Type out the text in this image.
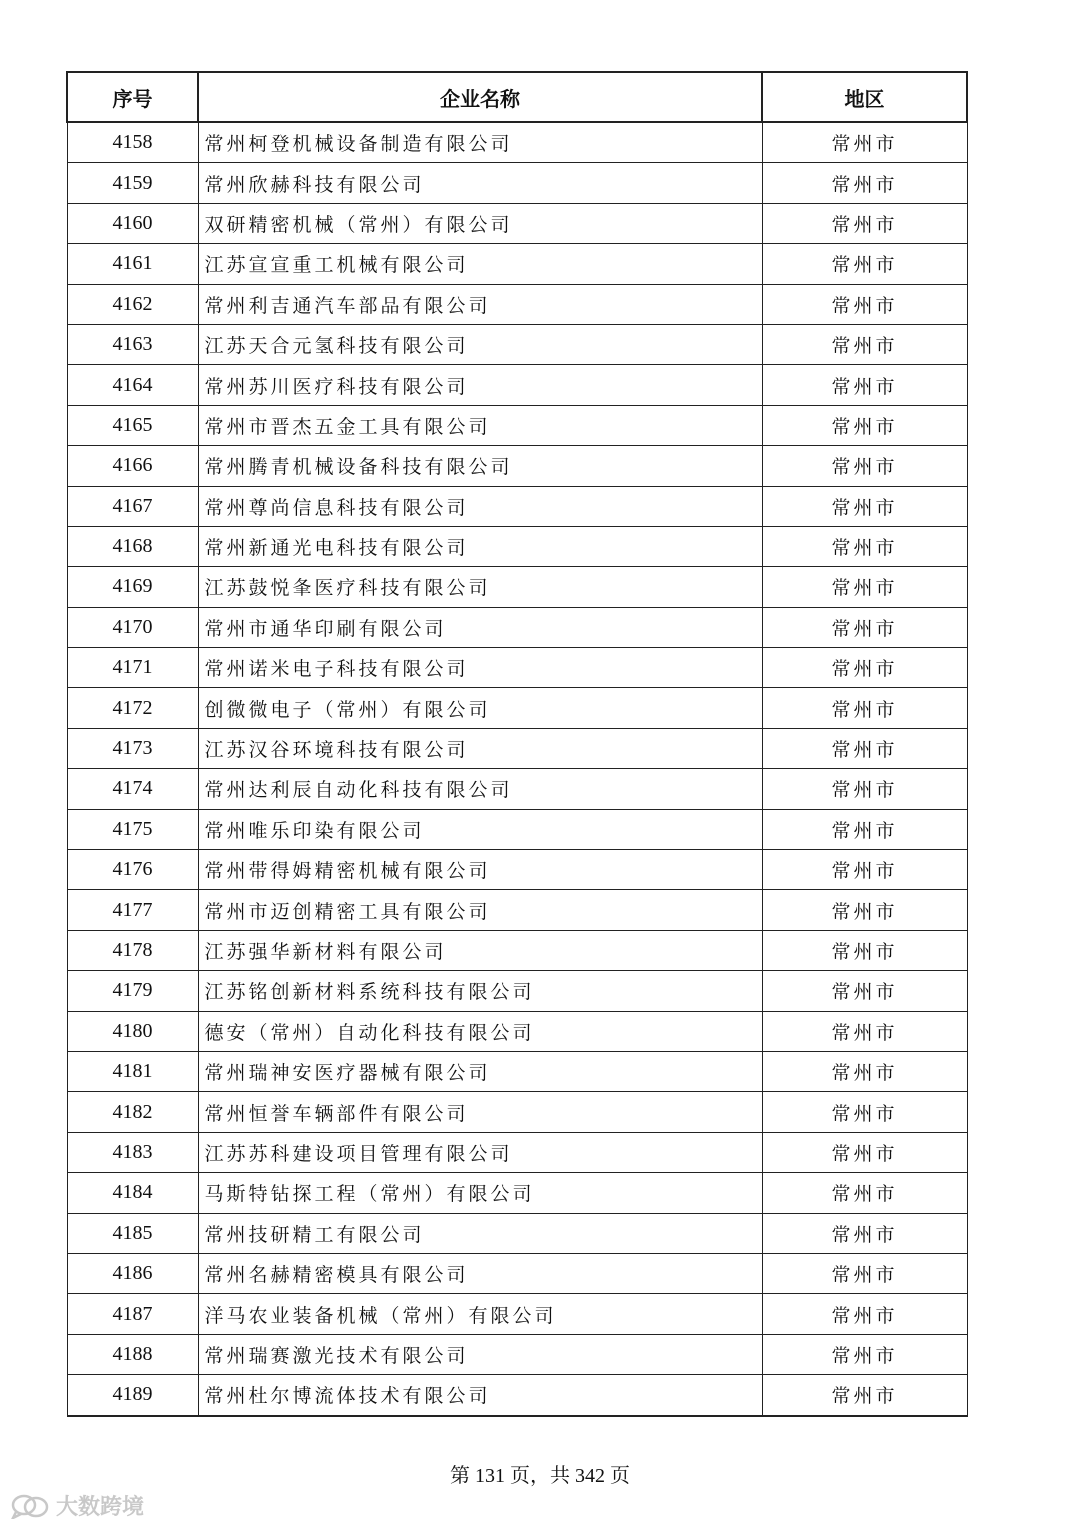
序号	企业名称	地区
4158	常州柯登机械设备制造有限公司	常州市
4159	常州欣赫科技有限公司	常州市
4160	双研精密机械（常州）有限公司	常州市
4161	江苏宣宣重工机械有限公司	常州市
4162	常州利吉通汽车部品有限公司	常州市
4163	江苏天合元氢科技有限公司	常州市
4164	常州苏川医疗科技有限公司	常州市
4165	常州市晋杰五金工具有限公司	常州市
4166	常州腾青机械设备科技有限公司	常州市
4167	常州尊尚信息科技有限公司	常州市
4168	常州新通光电科技有限公司	常州市
4169	江苏鼓悦夆医疗科技有限公司	常州市
4170	常州市通华印刷有限公司	常州市
4171	常州诺米电子科技有限公司	常州市
4172	创微微电子（常州）有限公司	常州市
4173	江苏汉谷环境科技有限公司	常州市
4174	常州达利辰自动化科技有限公司	常州市
4175	常州唯乐印染有限公司	常州市
4176	常州带得姆精密机械有限公司	常州市
4177	常州市迈创精密工具有限公司	常州市
4178	江苏强华新材料有限公司	常州市
4179	江苏铭创新材料系统科技有限公司	常州市
4180	德安（常州）自动化科技有限公司	常州市
4181	常州瑞神安医疗器械有限公司	常州市
4182	常州恒誉车辆部件有限公司	常州市
4183	江苏苏科建设项目管理有限公司	常州市
4184	马斯特钻探工程（常州）有限公司	常州市
4185	常州技研精工有限公司	常州市
4186	常州名赫精密模具有限公司	常州市
4187	洋马农业装备机械（常州）有限公司	常州市
4188	常州瑞赛激光技术有限公司	常州市
4189	常州杜尔博流体技术有限公司	常州市
第 131 页，共 342 页
大数跨境
